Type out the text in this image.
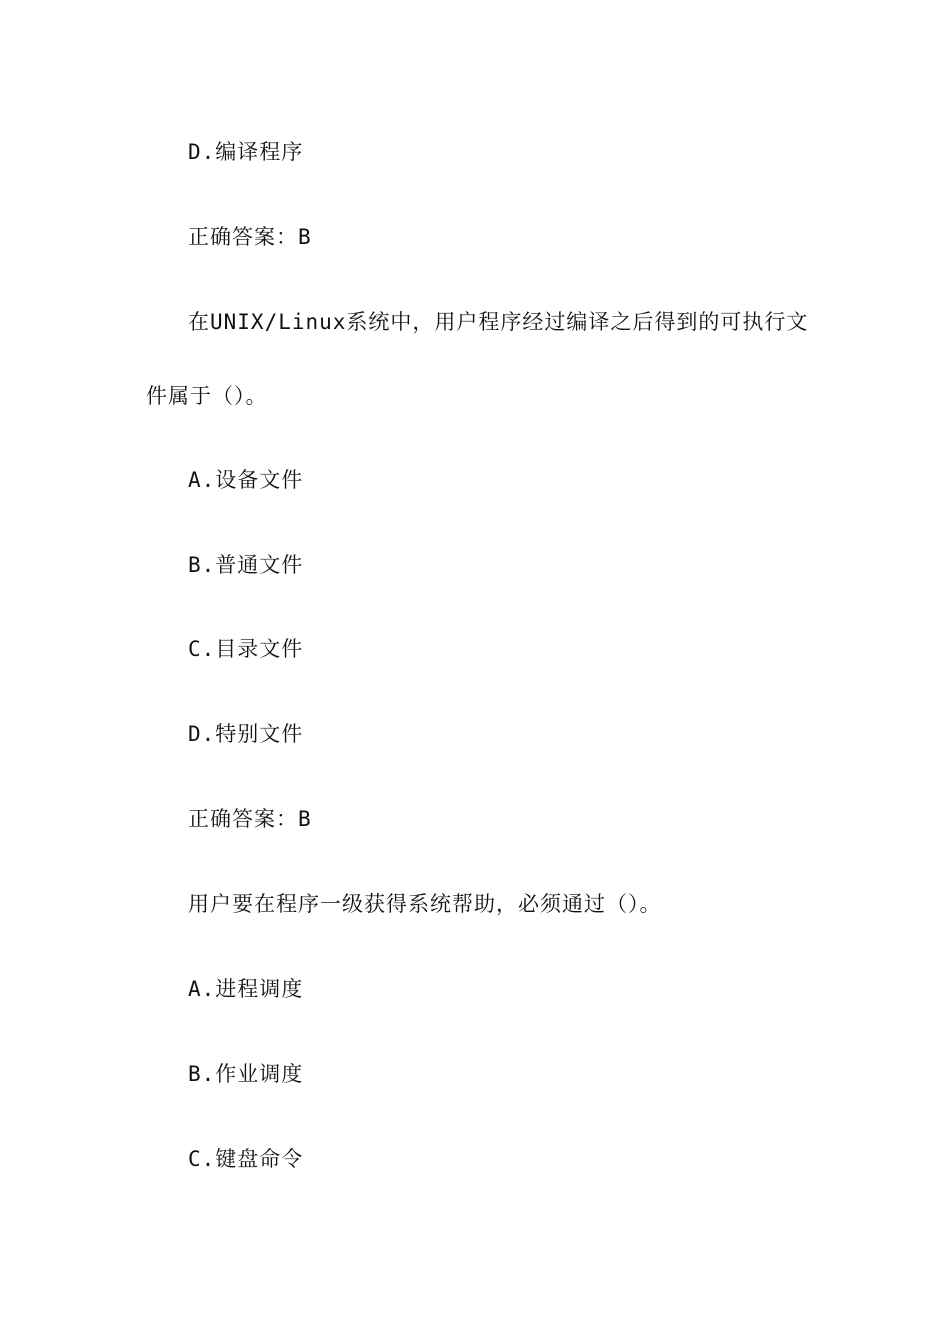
D.编译程序
正确答案：B
在UNIX/Linux系统中，用户程序经过编译之后得到的可执行文
件属于（）。
A.设备文件
B.普通文件
C.目录文件
D.特别文件
正确答案：B
用户要在程序一级获得系统帮助，必须通过（）。
A.进程调度
B.作业调度
C.键盘命令
